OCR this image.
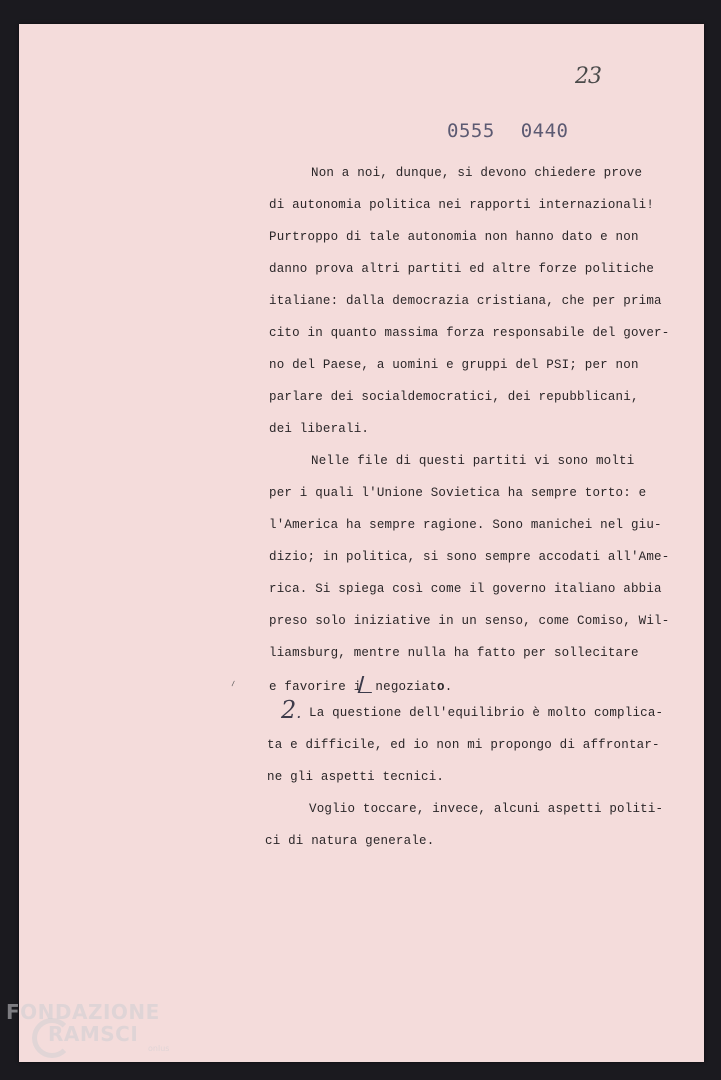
23
0555 0440
Non a noi, dunque, si devono chiedere prove
di autonomia politica nei rapporti internazionali!
Purtroppo di tale autonomia non hanno dato e non
danno prova altri partiti ed altre forze politiche
italiane: dalla democrazia cristiana, che per prima
cito in quanto massima forza responsabile del gover-
no del Paese, a uomini e gruppi del PSI; per non
parlare dei socialdemocratici, dei repubblicani,
dei liberali.
Nelle file di questi partiti vi sono molti
per i quali l'Unione Sovietica ha sempre torto: e
l'America ha sempre ragione. Sono manichei nel giu-
dizio; in politica, si sono sempre accodati all'Ame-
rica. Si spiega così come il governo italiano abbia
preso solo iniziative in un senso, come Comiso, Wil-
liamsburg, mentre nulla ha fatto per sollecitare
⸝	e favorire i negoziato.
2. La questione dell'equilibrio è molto complica-
ta e difficile, ed io non mi propongo di affrontar-
ne gli aspetti tecnici.
Voglio toccare, invece, alcuni aspetti politi-
ci di natura generale.
FONDAZIONE
RAMSCI
onlus
